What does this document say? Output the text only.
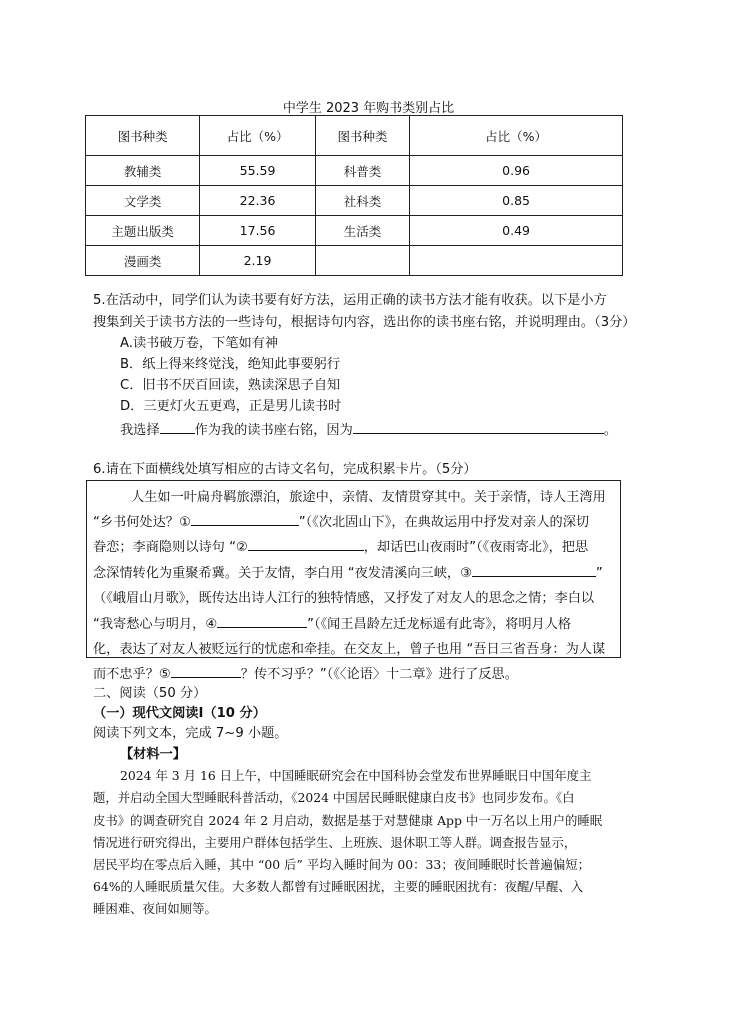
中学生 2023 年购书类别占比
图书种类	占比（%）	图书种类	占比（%）
教辅类	55.59	科普类	0.96
文学类	22.36	社科类	0.85
主题出版类	17.56	生活类	0.49
漫画类	2.19		
5.在活动中，同学们认为读书要有好方法，运用正确的读书方法才能有收获。以下是小方
搜集到关于读书方法的一些诗句，根据诗句内容，选出你的读书座右铭，并说明理由。（3分）
A.读书破万卷，下笔如有神
B．纸上得来终觉浅，绝知此事要躬行
C．旧书不厌百回读，熟读深思子自知
D．三更灯火五更鸡，正是男儿读书时
我选择	作为我的读书座右铭，因为	。
6.请在下面横线处填写相应的古诗文名句，完成积累卡片。（5分）
人生如一叶扁舟羁旅漂泊，旅途中，亲情、友情贯穿其中。关于亲情，诗人王湾用
“乡书何处达？①	”（《次北固山下》，在典故运用中抒发对亲人的深切
眷恋；李商隐则以诗句 “②	，却话巴山夜雨时”（《夜雨寄北》，把思
念深情转化为重聚希冀。关于友情，李白用 “夜发清溪向三峡，③	”
（《峨眉山月歌》，既传达出诗人江行的独特情感，又抒发了对友人的思念之情；李白以
“我寄愁心与明月，④	”（《闻王昌龄左迁龙标遥有此寄》，将明月人格
化，表达了对友人被贬远行的忧虑和牵挂。在交友上，曾子也用 “吾日三省吾身：为人谋
二、阅读（50 分）
（一）现代文阅读Ⅰ（10 分）
阅读下列文本，完成 7~9 小题。
【材料一】
2024 年 3 月 16 日上午，中国睡眠研究会在中国科协会堂发布世界睡眠日中国年度主
题，并启动全国大型睡眠科普活动，《2024 中国居民睡眠健康白皮书》也同步发布。《白
皮书》的调查研究自 2024 年 2 月启动，数据是基于对慧健康 App 中一万名以上用户的睡眠
情况进行研究得出，主要用户群体包括学生、上班族、退休职工等人群。调查报告显示，
居民平均在零点后入睡，其中 “00 后” 平均入睡时间为 00：33；夜间睡眠时长普遍偏短；
64%的人睡眠质量欠佳。大多数人都曾有过睡眠困扰，主要的睡眠困扰有：夜醒/早醒、入
睡困难、夜间如厕等。
而不忠乎？⑤	？传不习乎？”（《〈论语〉十二章》进行了反思。
